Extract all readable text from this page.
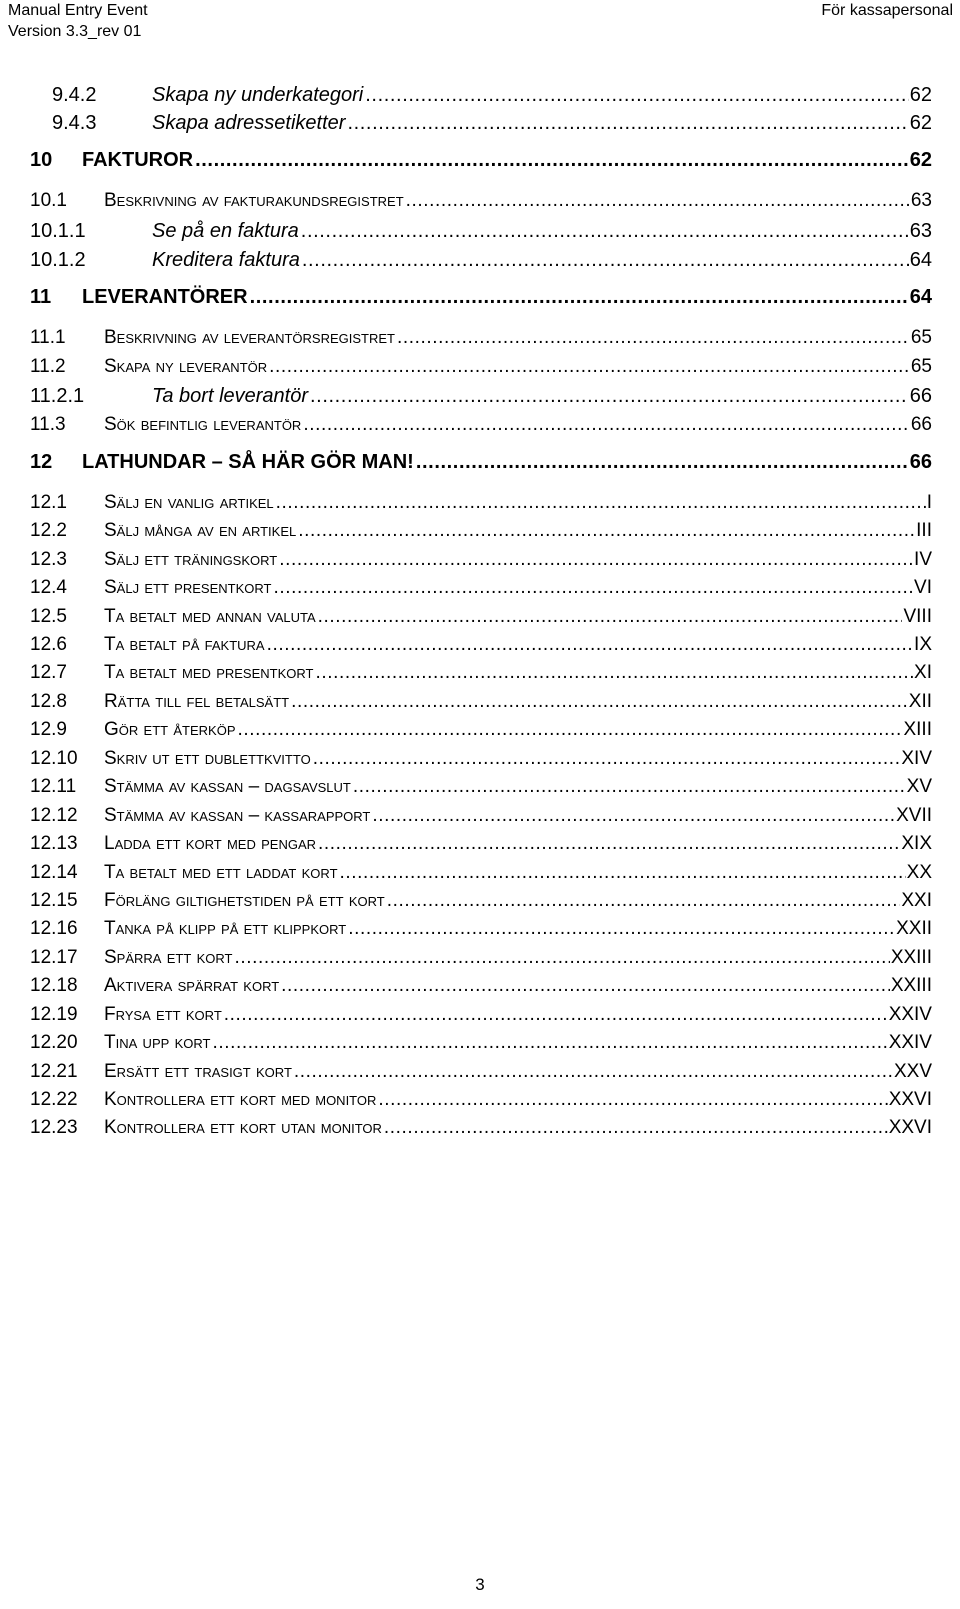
Manual Entry Event
Version 3.3_rev 01
För kassapersonal
9.4.2	Skapa ny underkategori .....	62
9.4.3	Skapa adressetiketter .....	62
10	FAKTUROR .....	62
10.1	Beskrivning av fakturakundsregistret .....	63
10.1.1	Se på en faktura .....	63
10.1.2	Kreditera faktura .....	64
11	LEVERANTÖRER .....	64
11.1	Beskrivning av leverantörsregistret .....	65
11.2	Skapa ny leverantör .....	65
11.2.1	Ta bort leverantör .....	66
11.3	Sök befintlig leverantör .....	66
12	LATHUNDAR – SÅ HÄR GÖR MAN! .....	66
12.1	Sälj en vanlig artikel .....	I
12.2	Sälj många av en artikel .....	III
12.3	Sälj ett träningskort .....	IV
12.4	Sälj ett presentkort .....	VI
12.5	Ta betalt med annan valuta .....	VIII
12.6	Ta betalt på faktura .....	IX
12.7	Ta betalt med presentkort .....	XI
12.8	Rätta till fel betalsätt .....	XII
12.9	Gör ett återköp .....	XIII
12.10	Skriv ut ett dublettkvitto .....	XIV
12.11	Stämma av kassan – dagsavslut .....	XV
12.12	Stämma av kassan – kassarapport .....	XVII
12.13	Ladda ett kort med pengar .....	XIX
12.14	Ta betalt med ett laddat kort .....	XX
12.15	Förläng giltighetstiden på ett kort .....	XXI
12.16	Tanka på klipp på ett klippkort .....	XXII
12.17	Spärra ett kort .....	XXIII
12.18	Aktivera spärrat kort .....	XXIII
12.19	Frysa ett kort .....	XXIV
12.20	Tina upp kort .....	XXIV
12.21	Ersätt ett trasigt kort .....	XXV
12.22	Kontrollera ett kort med monitor .....	XXVI
12.23	Kontrollera ett kort utan monitor .....	XXVI
3
